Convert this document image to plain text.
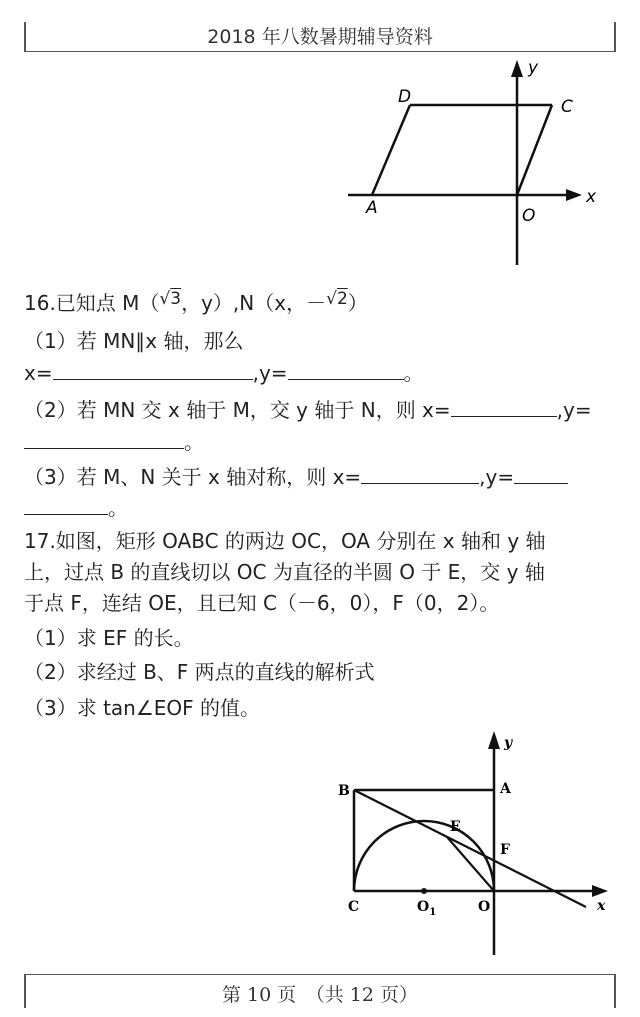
2018 年八数暑期辅导资料
D	C
A	O
x
y
16.已知点 M（$^{√3}$，y）,N（x，－$^{√2}$）
（1）若 MN∥x 轴，那么
x=	,y=	。
（2）若 MN 交 x 轴于 M，交 y 轴于 N，则 x=	,y=
。
（3）若 M、N 关于 x 轴对称，则 x=	,y=
。
17.如图，矩形 OABC 的两边 OC，OA 分别在 x 轴和 y 轴
上，过点 B 的直线切以 OC 为直径的半圆 O 于 E，交 y 轴
于点 F，连结 OE，且已知 C（－6，0），F（0，2）。
（1）求 EF 的长。
（2）求经过 B、F 两点的直线的解析式
（3）求 tan∠EOF 的值。
B	A
E
F
C	$O_1$	O	x
y
第 10 页　（共 12 页）
